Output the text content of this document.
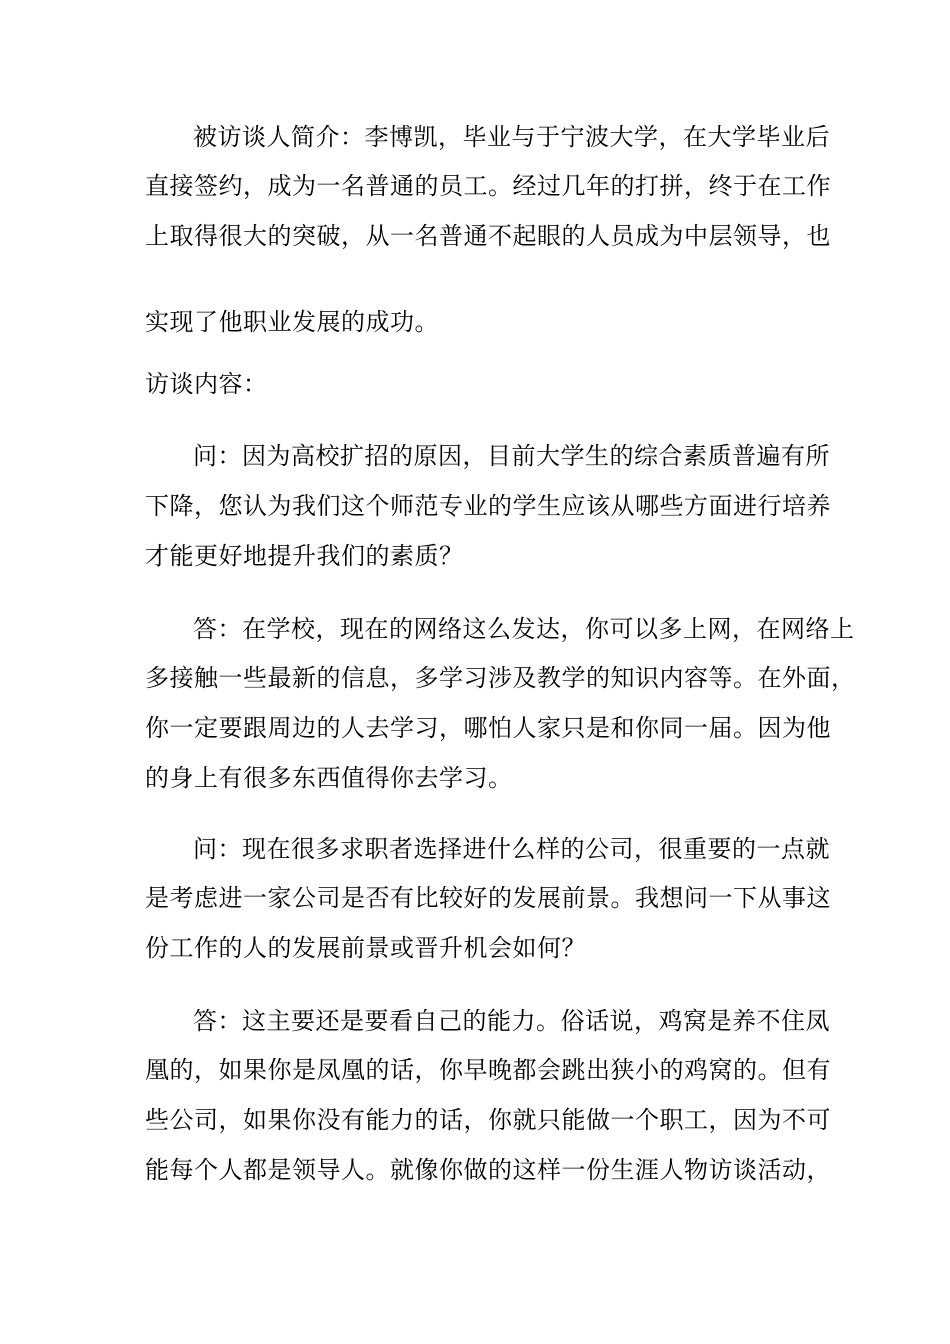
被访谈人简介：李博凯，毕业与于宁波大学，在大学毕业后
直接签约，成为一名普通的员工。经过几年的打拼，终于在工作
上取得很大的突破，从一名普通不起眼的人员成为中层领导，也
实现了他职业发展的成功。
访谈内容：
问：因为高校扩招的原因，目前大学生的综合素质普遍有所
下降，您认为我们这个师范专业的学生应该从哪些方面进行培养
才能更好地提升我们的素质？
答：在学校，现在的网络这么发达，你可以多上网，在网络上
多接触一些最新的信息，多学习涉及教学的知识内容等。在外面，
你一定要跟周边的人去学习，哪怕人家只是和你同一届。因为他
的身上有很多东西值得你去学习。
问：现在很多求职者选择进什么样的公司，很重要的一点就
是考虑进一家公司是否有比较好的发展前景。我想问一下从事这
份工作的人的发展前景或晋升机会如何？
答：这主要还是要看自己的能力。俗话说，鸡窝是养不住凤
凰的，如果你是凤凰的话，你早晚都会跳出狭小的鸡窝的。但有
些公司，如果你没有能力的话，你就只能做一个职工，因为不可
能每个人都是领导人。就像你做的这样一份生涯人物访谈活动，
